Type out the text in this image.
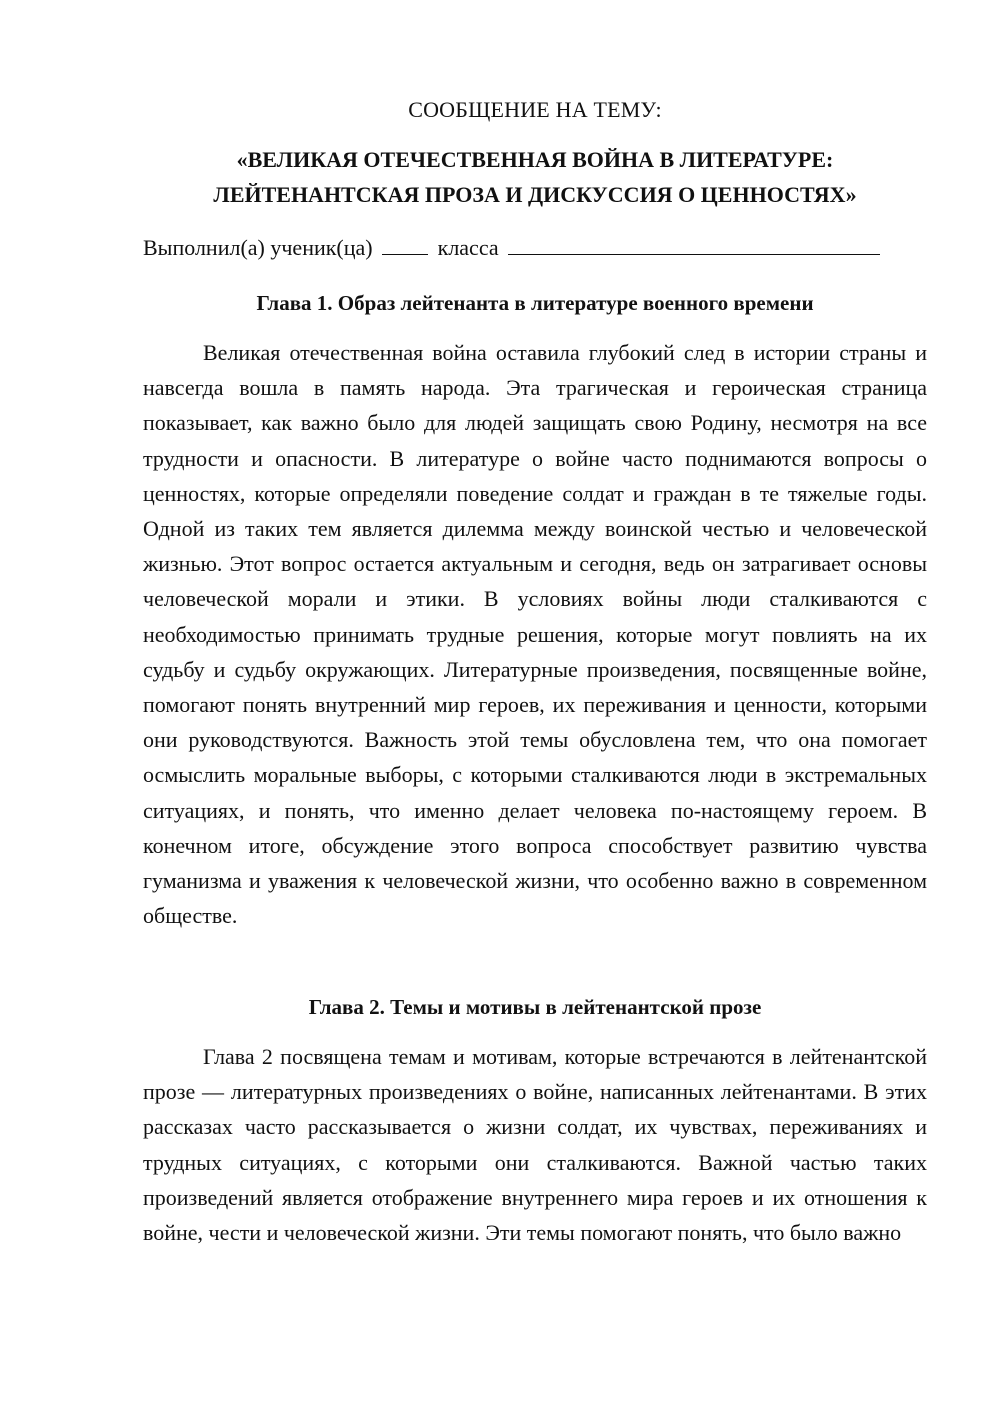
СООБЩЕНИЕ НА ТЕМУ:
«ВЕЛИКАЯ ОТЕЧЕСТВЕННАЯ ВОЙНА В ЛИТЕРАТУРЕ:
ЛЕЙТЕНАНТСКАЯ ПРОЗА И ДИСКУССИЯ О ЦЕННОСТЯХ»
Выполнил(а) ученик(ца)	класса
Глава 1. Образ лейтенанта в литературе военного времени

Великая отечественная война оставила глубокий след в истории страны и навсегда вошла в память народа. Эта трагическая и героическая страница показывает, как важно было для людей защищать свою Родину, несмотря на все трудности и опасности. В литературе о войне часто поднимаются вопросы о ценностях, которые определяли поведение солдат и граждан в те тяжелые годы. Одной из таких тем является дилемма между воинской честью и человеческой жизнью. Этот вопрос остается актуальным и сегодня, ведь он затрагивает основы человеческой морали и этики. В условиях войны люди сталкиваются с необходимостью принимать трудные решения, которые могут повлиять на их судьбу и судьбу окружающих. Литературные произведения, посвященные войне, помогают понять внутренний мир героев, их переживания и ценности, которыми они руководствуются. Важность этой темы обусловлена тем, что она помогает осмыслить моральные выборы, с которыми сталкиваются люди в экстремальных ситуациях, и понять, что именно делает человека по-настоящему героем. В конечном итоге, обсуждение этого вопроса способствует развитию чувства гуманизма и уважения к человеческой жизни, что особенно важно в современном обществе.

Глава 2. Темы и мотивы в лейтенантской прозе

Глава 2 посвящена темам и мотивам, которые встречаются в лейтенантской прозе — литературных произведениях о войне, написанных лейтенантами. В этих рассказах часто рассказывается о жизни солдат, их чувствах, переживаниях и трудных ситуациях, с которыми они сталкиваются. Важной частью таких произведений является отображение внутреннего мира героев и их отношения к войне, чести и человеческой жизни. Эти темы помогают понять, что было важно
